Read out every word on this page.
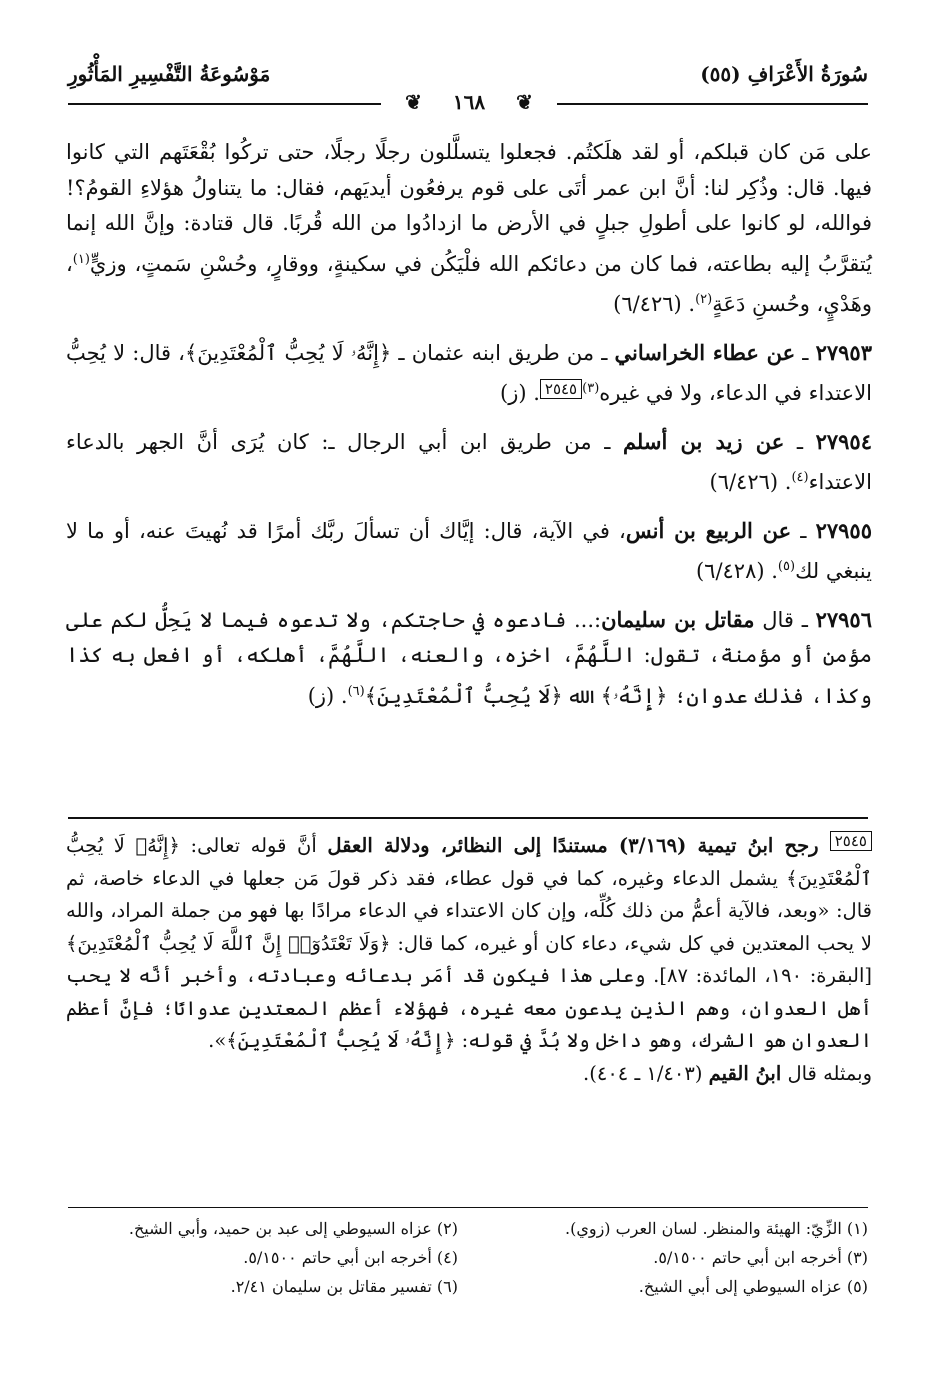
سُورَةُ الأَعْرَافِ (٥٥)
مَوْسُوعَةُ التَّفْسِيرِ المَأْثُورِ
❦ ١٦٨ ❦

على مَن كان قبلكم، أو لقد هلَكتُم. فجعلوا يتسلَّلون رجلًا رجلًا، حتى تركُوا بُقْعَتَهم التي كانوا فيها. قال: وذُكِر لنا: أنَّ ابن عمر أتَى على قوم يرفعُون أيديَهم، فقال: ما يتناولُ هؤلاءِ القومُ؟! فوالله، لو كانوا على أطولِ جبلٍ في الأرض ما ازدادُوا من الله قُربًا. قال قتادة: وإنَّ الله إنما يُتقرَّبُ إليه بطاعته، فما كان من دعائكم الله فلْيَكُن في سكينةٍ، ووقارٍ، وحُسْنِ سَمتٍ، وزيٍّ$^{(١)}$، وهَدْيٍ، وحُسنِ دَعَةٍ$^{(٢)}$. (٦/٤٢٦)

٢٧٩٥٣ ـ عن عطاء الخراساني ـ من طريق ابنه عثمان ـ ﴿إِنَّهُۥ لَا يُحِبُّ ٱلْمُعْتَدِينَ﴾، قال: لا يُحِبُّ الاعتداء في الدعاء، ولا في غيره$^{(٣)}$٢٥٤٥. (ز)

٢٧٩٥٤ ـ عن زيد بن أسلم ـ من طريق ابن أبي الرجال ـ: كان يُرَى أنَّ الجهر بالدعاء الاعتداء$^{(٤)}$. (٦/٤٢٦)

٢٧٩٥٥ ـ عن الربيع بن أنس، في الآية، قال: إيَّاك أن تسألَ ربَّك أمرًا قد نُهيتَ عنه، أو ما لا ينبغي لك$^{(٥)}$. (٦/٤٢٨)

٢٧٩٥٦ ـ قال مقاتل بن سليمان:... فادعوه في حاجتكم، ولا تدعوه فيما لا يَحِلُّ لكم على مؤمن أو مؤمنة، تقول: اللَّهُمَّ، اخزه، والعنه، اللَّهُمَّ، أهلكه، أو افعل به كذا وكذا، فذلك عدوان؛ ﴿إِنَّهُۥ﴾ الله ﴿لَا يُحِبُّ ٱلْمُعْتَدِينَ﴾$^{(٦)}$. (ز)

٢٥٤٥ رجح ابنُ تيمية (٣/١٦٩) مستندًا إلى النظائر، ودلالة العقل أنَّ قوله تعالى: ﴿إِنَّهُۥ لَا يُحِبُّ ٱلْمُعْتَدِينَ﴾ يشمل الدعاء وغيره، كما في قول عطاء، فقد ذكر قولَ مَن جعلها في الدعاء خاصة، ثم قال: «وبعد، فالآية أعمُّ من ذلك كُلِّه، وإن كان الاعتداء في الدعاء مرادًا بها فهو من جملة المراد، والله لا يحب المعتدين في كل شيء، دعاء كان أو غيره، كما قال: ﴿وَلَا تَعْتَدُوٓا۟ إِنَّ ٱللَّهَ لَا يُحِبُّ ٱلْمُعْتَدِينَ﴾ [البقرة: ١٩٠، المائدة: ٨٧]. وعلى هذا فيكون قد أمَر بدعائه وعبادته، وأخبر أنَّه لا يحب أهل العدوان، وهم الذين يدعون معه غيره، فهؤلاء أعظم المعتدين عدوانًا؛ فإنَّ أعظم العدوان هو الشرك، وهو داخل ولا بُدَّ في قوله: ﴿إِنَّهُۥ لَا يُحِبُّ ٱلْمُعْتَدِينَ﴾».

وبمثله قال ابنُ القيم (١/٤٠٣ ـ ٤٠٤).

(١) الزِّيّ: الهيئة والمنظر. لسان العرب (زوي).
(٢) عزاه السيوطي إلى عبد بن حميد، وأبي الشيخ.
(٣) أخرجه ابن أبي حاتم ٥/١٥٠٠.
(٤) أخرجه ابن أبي حاتم ٥/١٥٠٠.
(٥) عزاه السيوطي إلى أبي الشيخ.
(٦) تفسير مقاتل بن سليمان ٢/٤١.
